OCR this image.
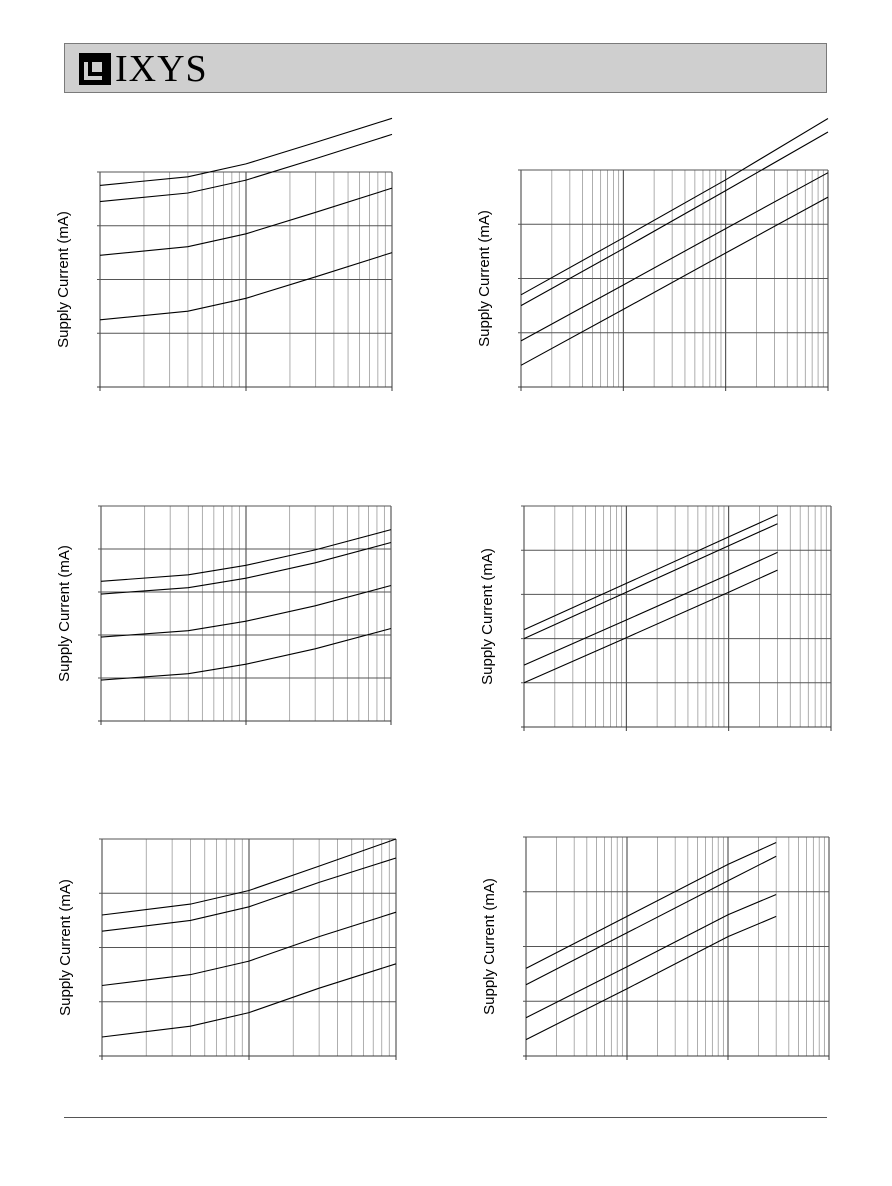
IXYS
Supply Current (mA)	Supply Current (mA)
Supply Current (mA)	Supply Current (mA)
Supply Current (mA)	Supply Current (mA)
